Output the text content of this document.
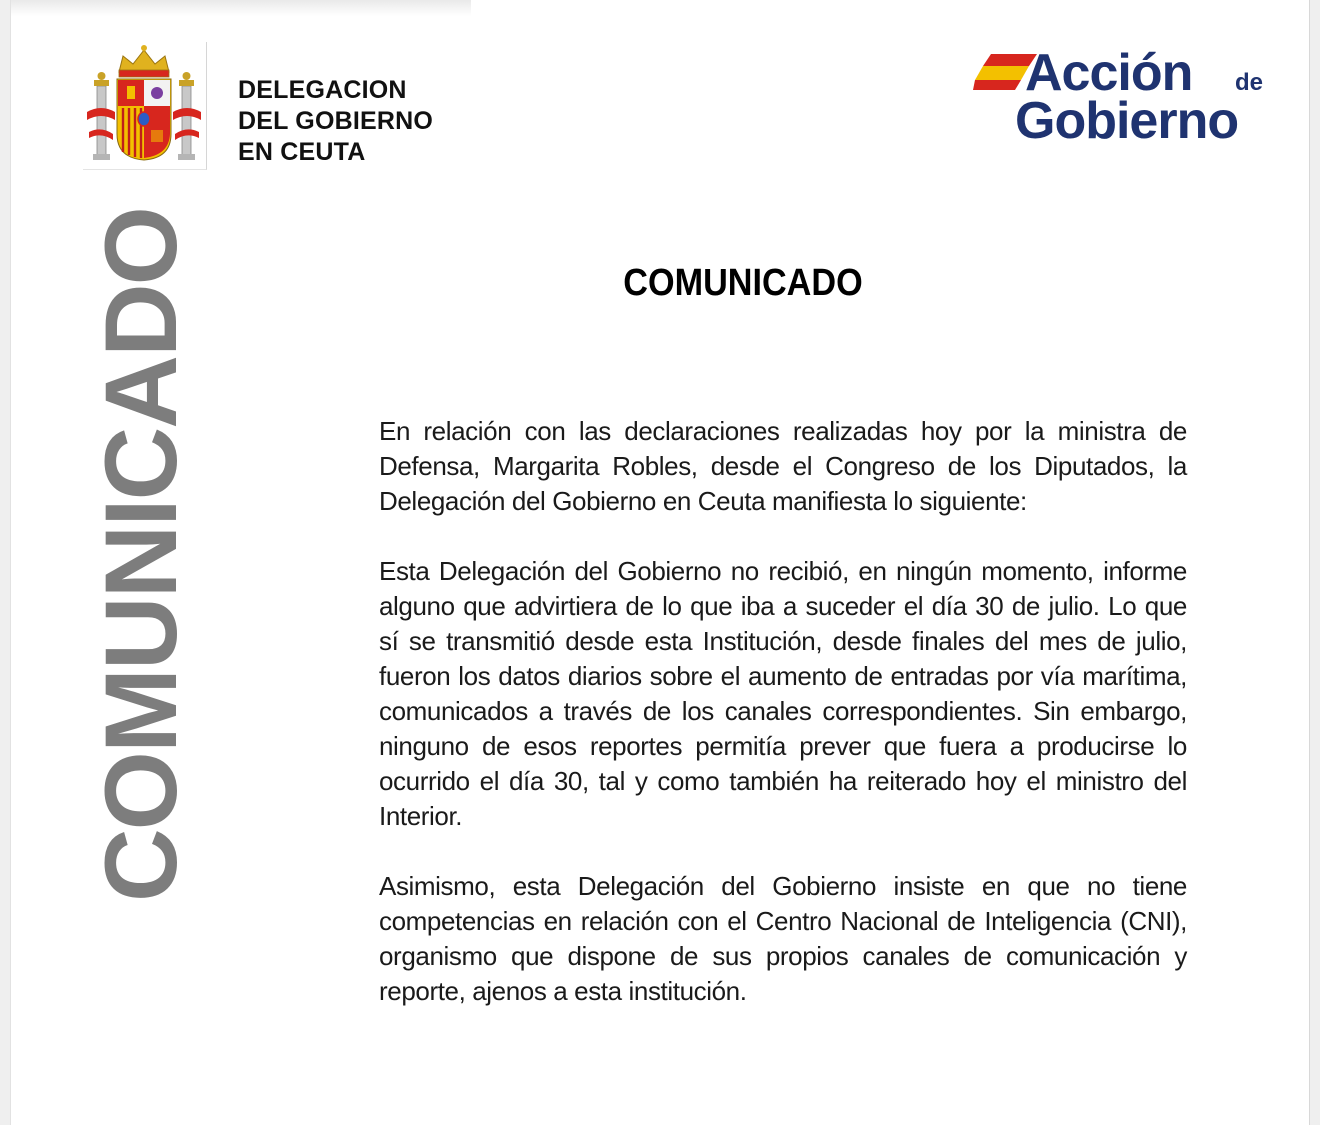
DELEGACION
DEL GOBIERNO
EN CEUTA
Acción de
Gobierno
COMUNICADO
COMUNICADO	En relación con las declaraciones realizadas hoy por la ministra de Defensa, Margarita Robles, desde el Congreso de los Diputados, la Delegación del Gobierno en Ceuta manifiesta lo siguiente:

Esta Delegación del Gobierno no recibió, en ningún momento, informe alguno que advirtiera de lo que iba a suceder el día 30 de julio. Lo que sí se transmitió desde esta Institución, desde finales del mes de julio, fueron los datos diarios sobre el aumento de entradas por vía marítima, comunicados a través de los canales correspondientes. Sin embargo, ninguno de esos reportes permitía prever que fuera a producirse lo ocurrido el día 30, tal y como también ha reiterado hoy el ministro del Interior.

Asimismo, esta Delegación del Gobierno insiste en que no tiene competencias en relación con el Centro Nacional de Inteligencia (CNI), organismo que dispone de sus propios canales de comunicación y reporte, ajenos a esta institución.
